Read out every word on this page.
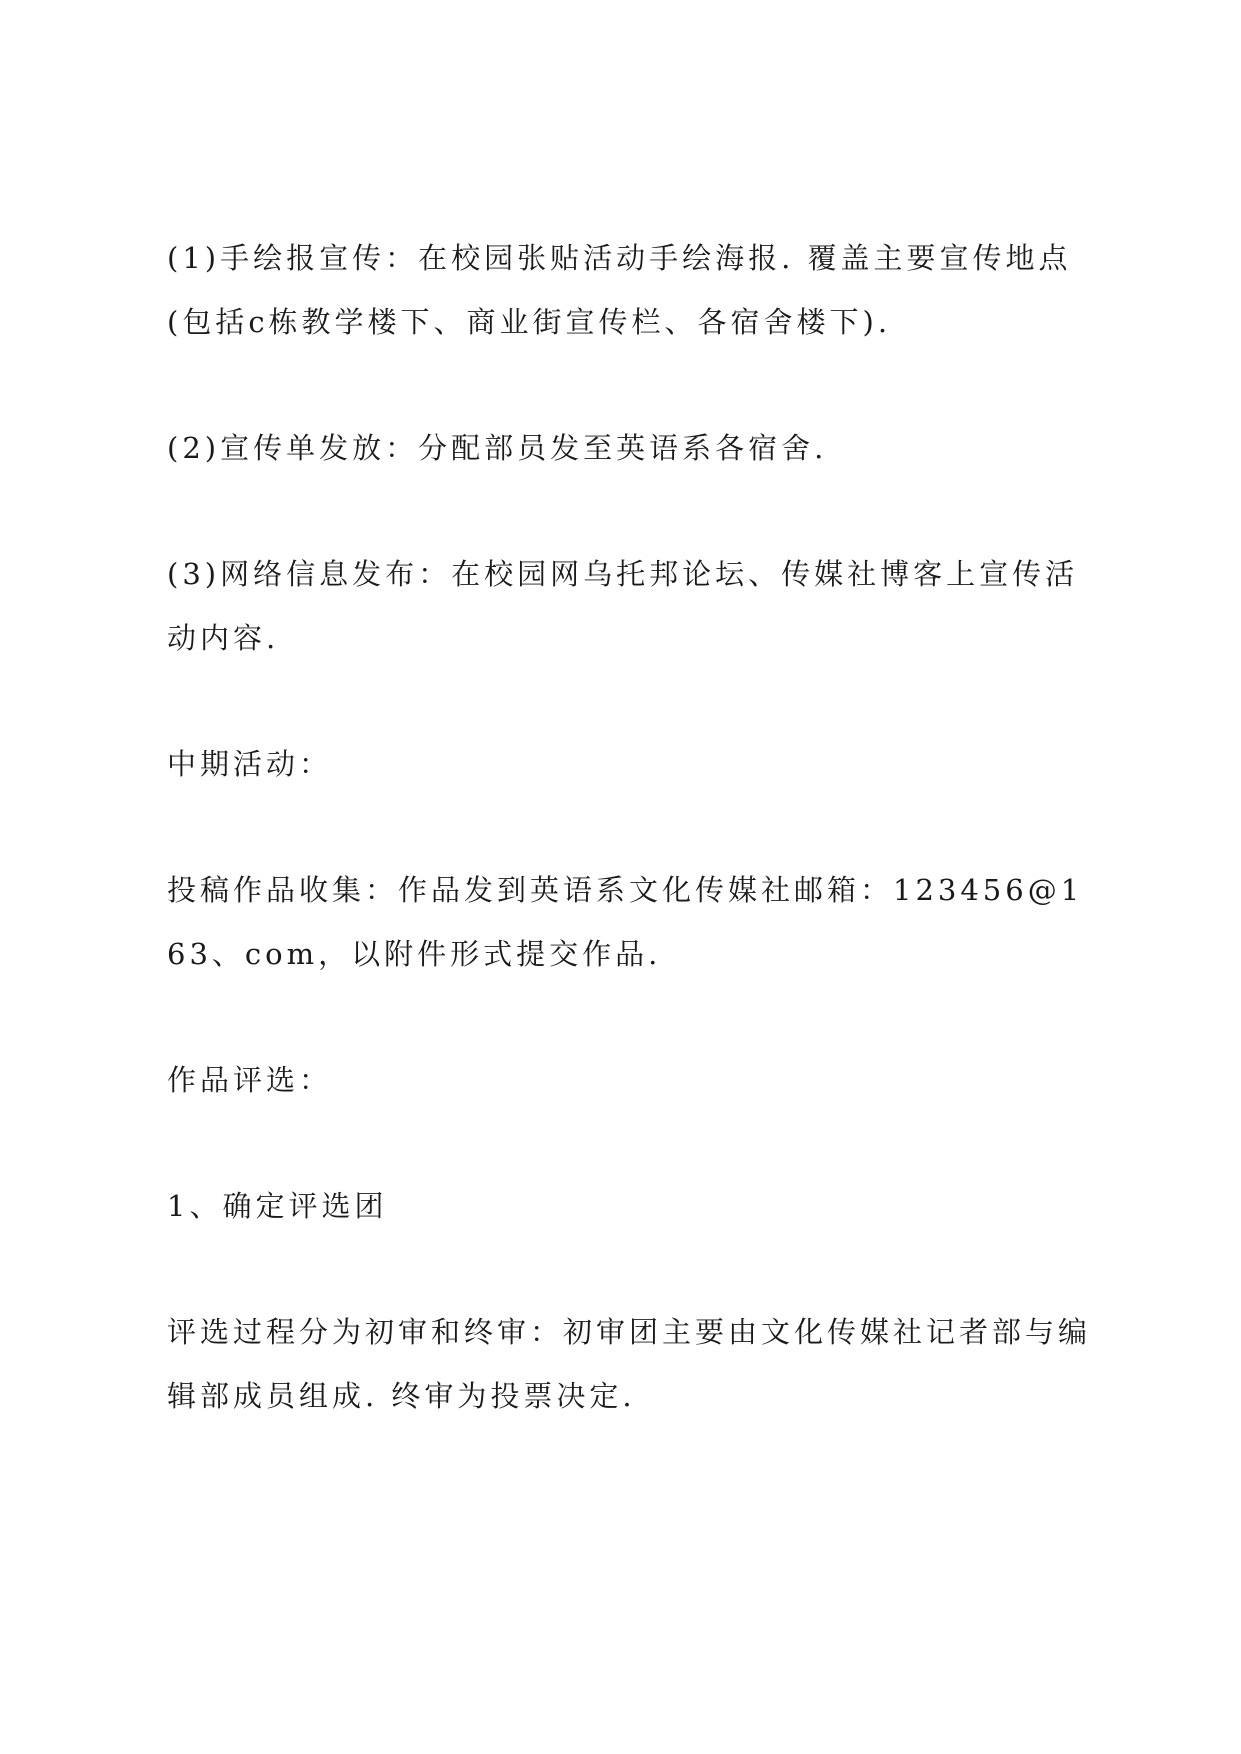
(1)手绘报宣传：在校园张贴活动手绘海报. 覆盖主要宣传地点(包括c栋教学楼下、商业街宣传栏、各宿舍楼下).

(2)宣传单发放：分配部员发至英语系各宿舍.

(3)网络信息发布：在校园网乌托邦论坛、传媒社博客上宣传活动内容.

中期活动：

投稿作品收集：作品发到英语系文化传媒社邮箱：123456@163、com，以附件形式提交作品.

作品评选：

1、确定评选团

评选过程分为初审和终审：初审团主要由文化传媒社记者部与编辑部成员组成. 终审为投票决定.
